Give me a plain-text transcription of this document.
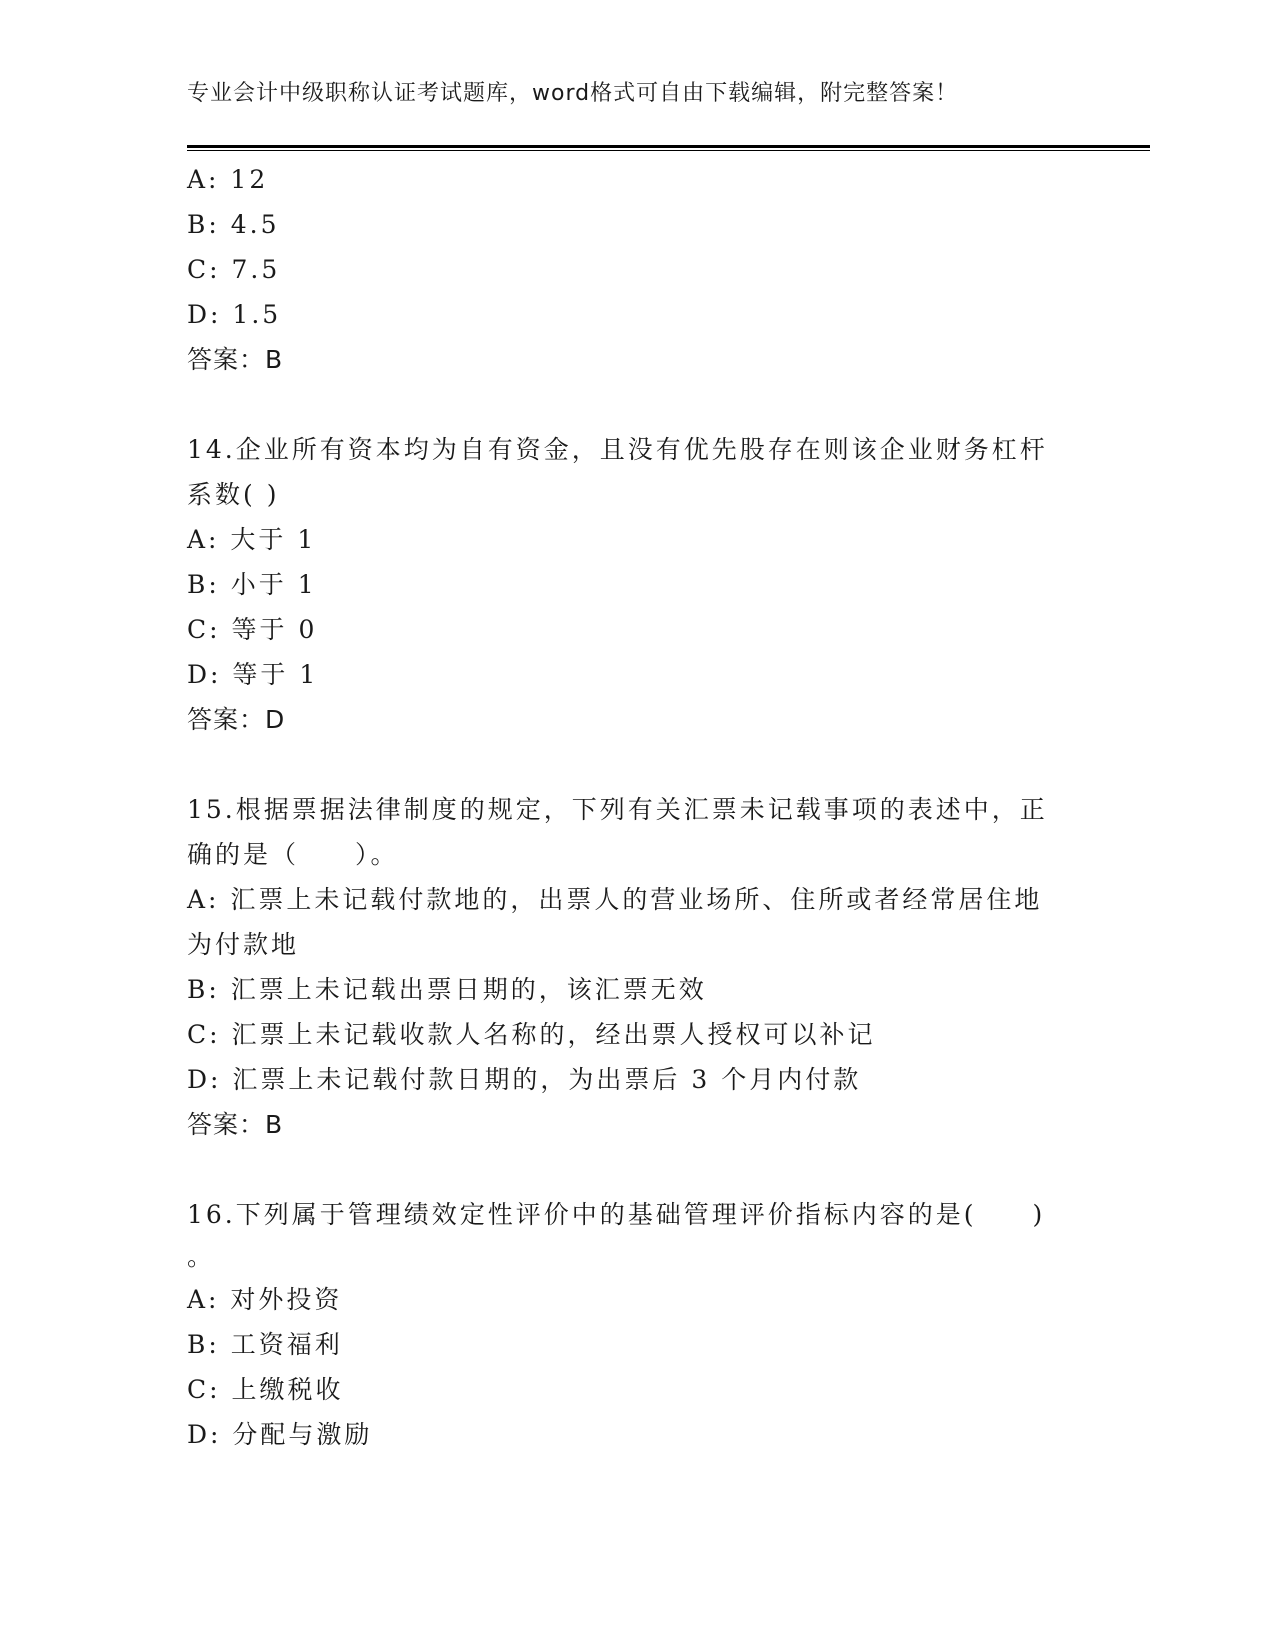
专业会计中级职称认证考试题库，word格式可自由下载编辑，附完整答案！
A: 12
B: 4.5
C: 7.5
D: 1.5
答案：B
14.企业所有资本均为自有资金，且没有优先股存在则该企业财务杠杆
系数( )
A: 大于 1
B: 小于 1
C: 等于 0
D: 等于 1
答案：D
15.根据票据法律制度的规定，下列有关汇票未记载事项的表述中，正
确的是（　　）。
A: 汇票上未记载付款地的，出票人的营业场所、住所或者经常居住地
为付款地
B: 汇票上未记载出票日期的，该汇票无效
C: 汇票上未记载收款人名称的，经出票人授权可以补记
D: 汇票上未记载付款日期的，为出票后 3 个月内付款
答案：B
16.下列属于管理绩效定性评价中的基础管理评价指标内容的是(　　)
。
A: 对外投资
B: 工资福利
C: 上缴税收
D: 分配与激励
